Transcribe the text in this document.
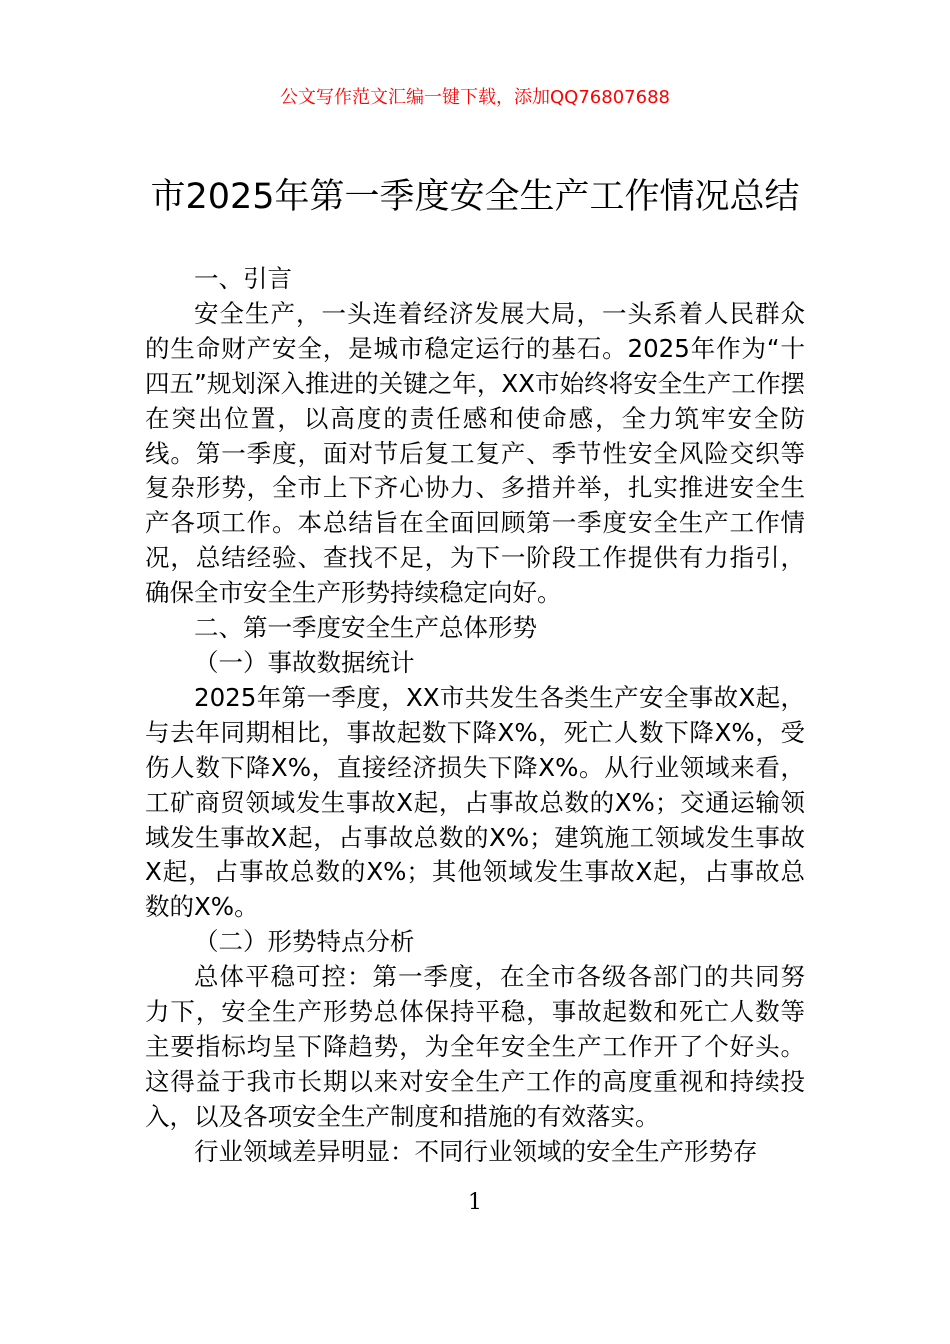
公文写作范文汇编一键下载，添加QQ76807688
市2025年第一季度安全生产工作情况总结

一、引言

安全生产，一头连着经济发展大局，一头系着人民群众的生命财产安全，是城市稳定运行的基石。2025年作为“十四五”规划深入推进的关键之年，XX市始终将安全生产工作摆在突出位置，以高度的责任感和使命感，全力筑牢安全防线。第一季度，面对节后复工复产、季节性安全风险交织等复杂形势，全市上下齐心协力、多措并举，扎实推进安全生产各项工作。本总结旨在全面回顾第一季度安全生产工作情况，总结经验、查找不足，为下一阶段工作提供有力指引，确保全市安全生产形势持续稳定向好。

二、第一季度安全生产总体形势

（一）事故数据统计

2025年第一季度，XX市共发生各类生产安全事故X起，与去年同期相比，事故起数下降X%，死亡人数下降X%，受伤人数下降X%，直接经济损失下降X%。从行业领域来看，工矿商贸领域发生事故X起，占事故总数的X%；交通运输领域发生事故X起，占事故总数的X%；建筑施工领域发生事故X起，占事故总数的X%；其他领域发生事故X起，占事故总数的X%。

（二）形势特点分析

总体平稳可控：第一季度，在全市各级各部门的共同努力下，安全生产形势总体保持平稳，事故起数和死亡人数等主要指标均呈下降趋势，为全年安全生产工作开了个好头。这得益于我市长期以来对安全生产工作的高度重视和持续投入，以及各项安全生产制度和措施的有效落实。

行业领域差异明显：不同行业领域的安全生产形势存

1
